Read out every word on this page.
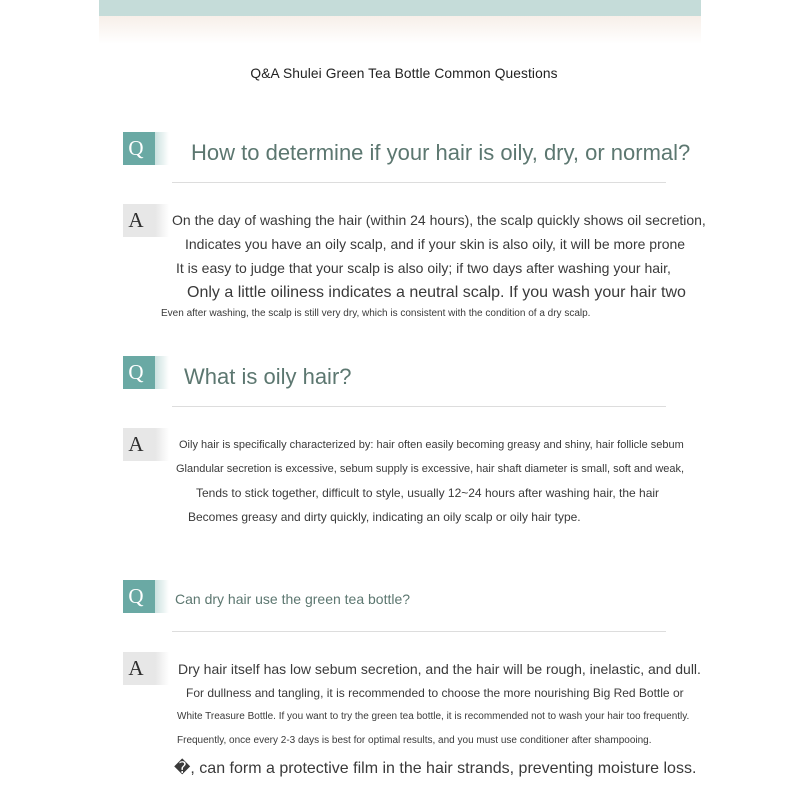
Q&A Shulei Green Tea Bottle Common Questions
Q	How to determine if your hair is oily, dry, or normal?
A	On the day of washing the hair (within 24 hours), the scalp quickly shows oil secretion,
Indicates you have an oily scalp, and if your skin is also oily, it will be more prone
It is easy to judge that your scalp is also oily; if two days after washing your hair,
Only a little oiliness indicates a neutral scalp. If you wash your hair two
Even after washing, the scalp is still very dry, which is consistent with the condition of a dry scalp.
Q	What is oily hair?
A	Oily hair is specifically characterized by: hair often easily becoming greasy and shiny, hair follicle sebum
Glandular secretion is excessive, sebum supply is excessive, hair shaft diameter is small, soft and weak,
Tends to stick together, difficult to style, usually 12~24 hours after washing hair, the hair
Becomes greasy and dirty quickly, indicating an oily scalp or oily hair type.
Q	Can dry hair use the green tea bottle?
A	Dry hair itself has low sebum secretion, and the hair will be rough, inelastic, and dull.
For dullness and tangling, it is recommended to choose the more nourishing Big Red Bottle or
White Treasure Bottle. If you want to try the green tea bottle, it is recommended not to wash your hair too frequently.
Frequently, once every 2-3 days is best for optimal results, and you must use conditioner after shampooing.
�, can form a protective film in the hair strands, preventing moisture loss.
